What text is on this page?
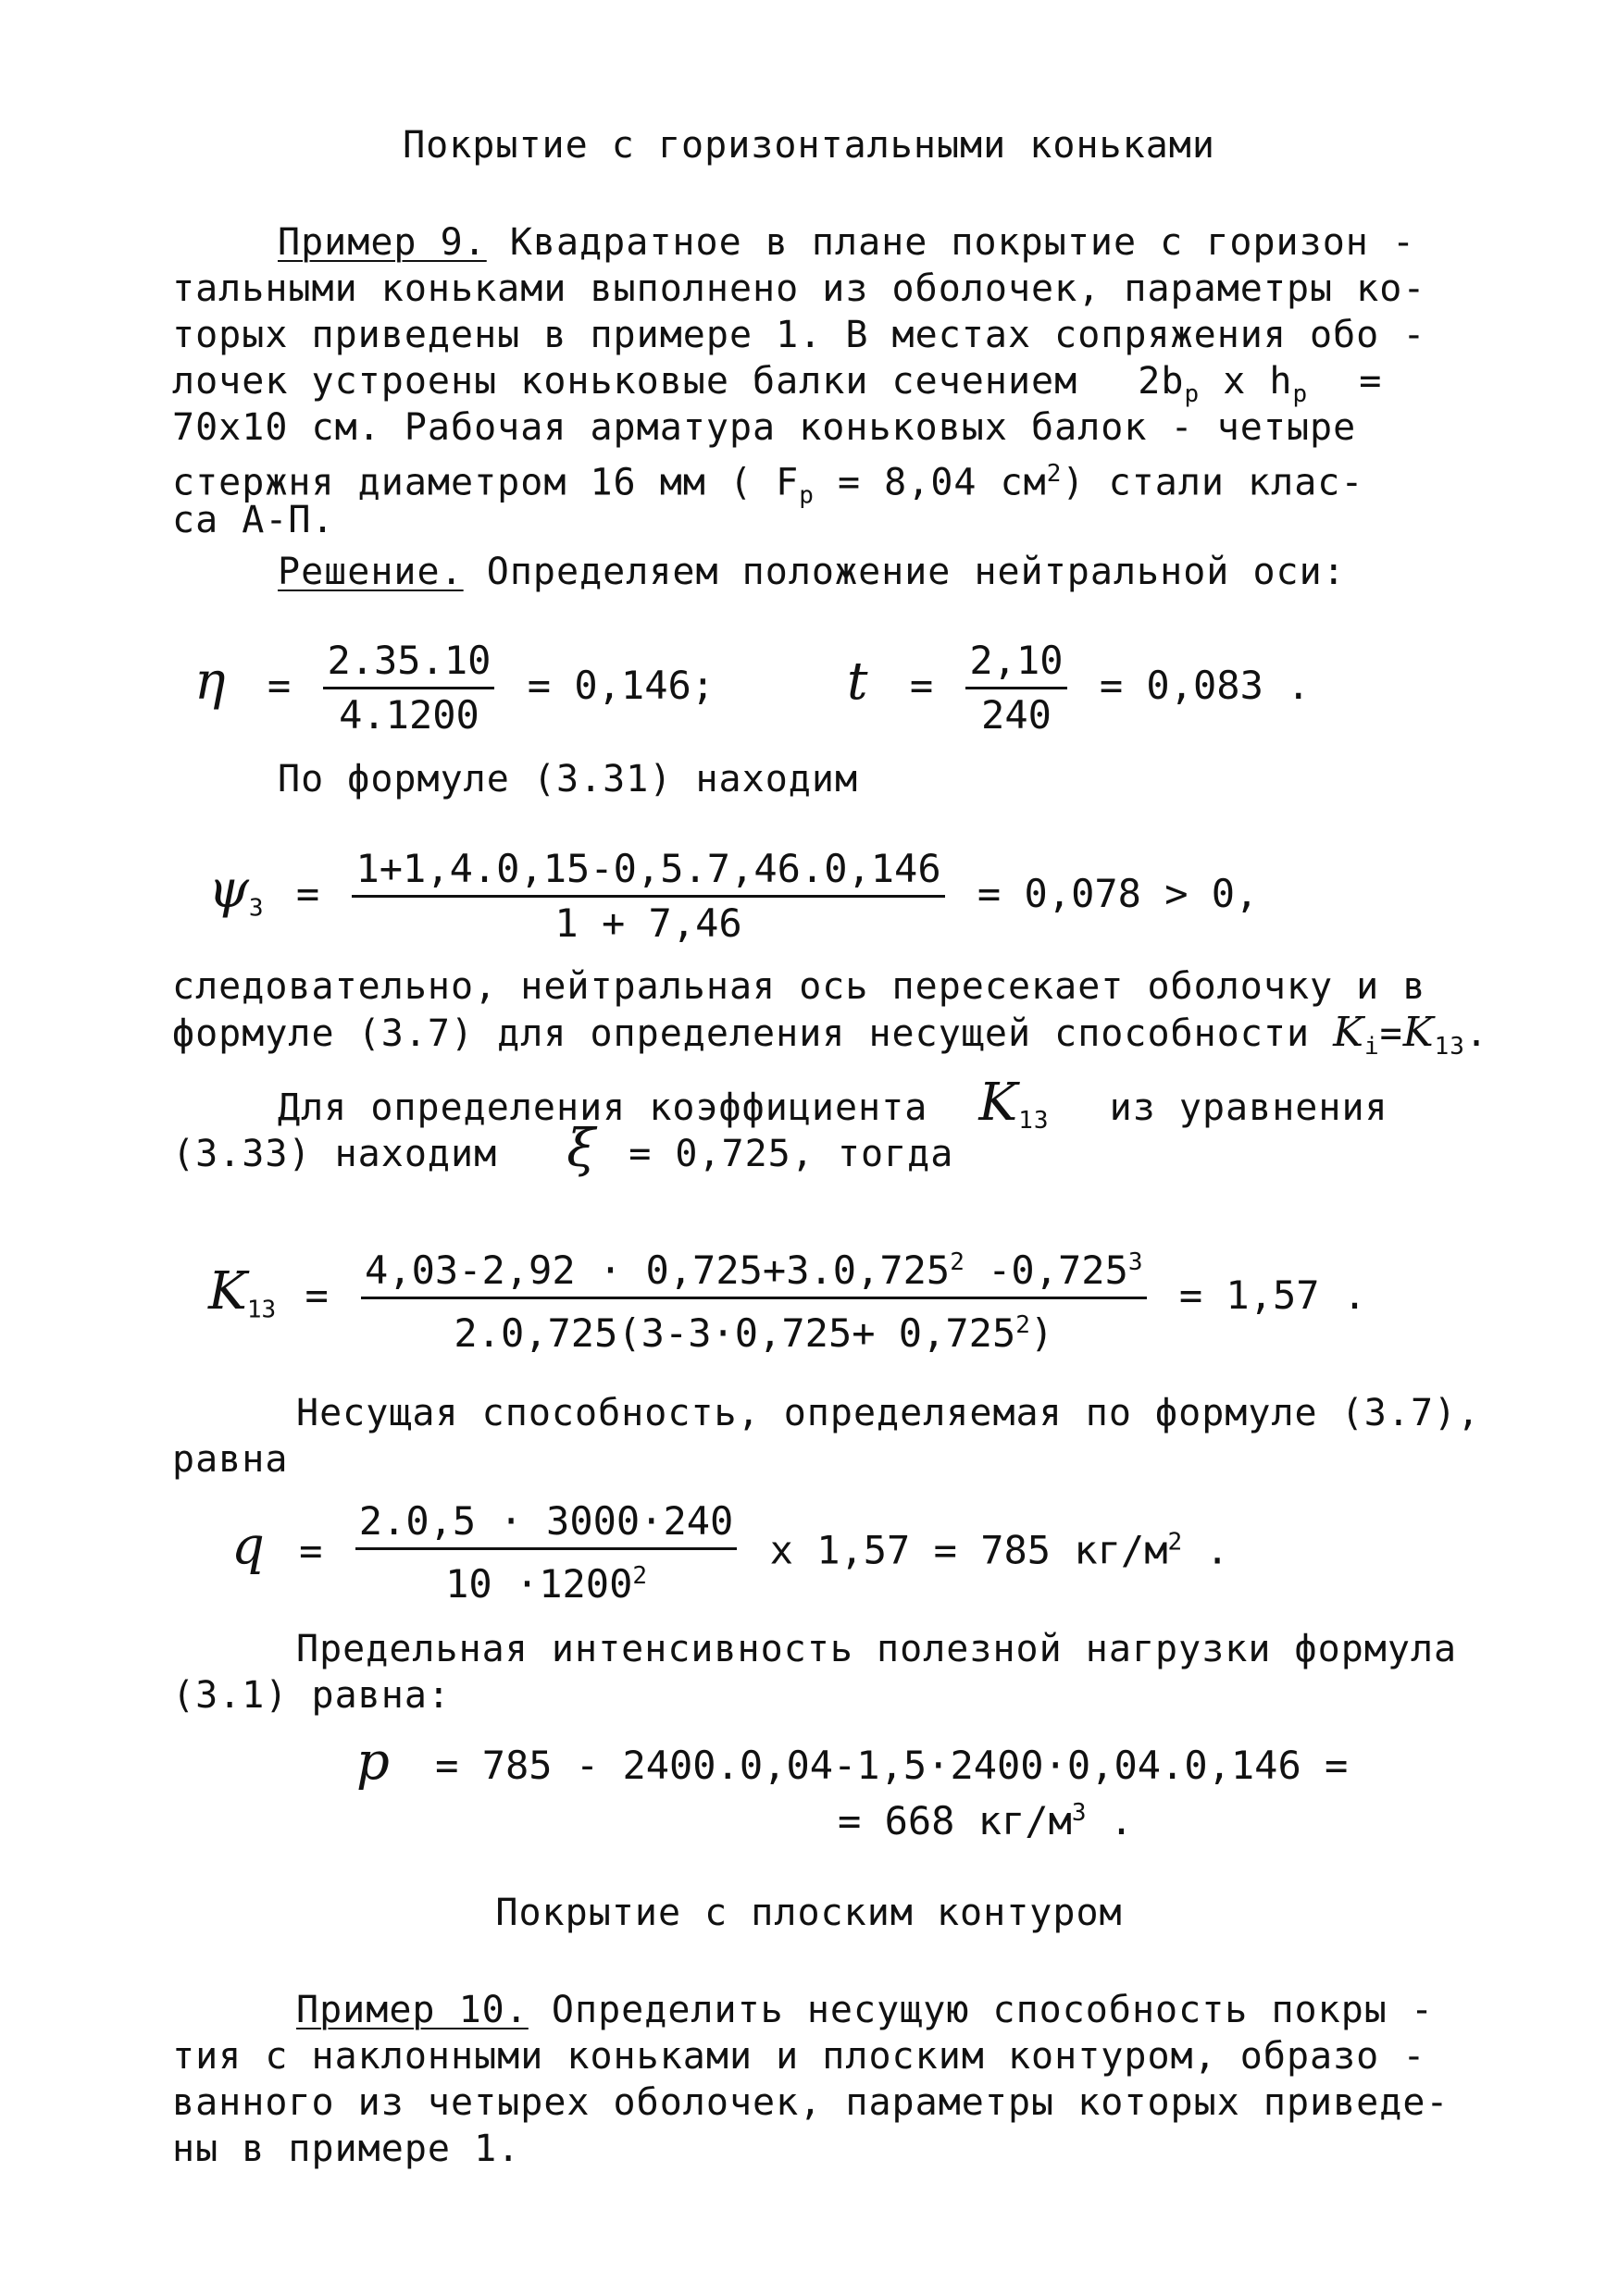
Покрытие с горизонтальными коньками
Пример 9. Квадратное в плане покрытие с горизон -
тальными коньками выполнено из оболочек, параметры ко-
торых приведены в примере 1. В местах сопряжения обо -
лочек устроены коньковые балки сечением $2b_p$ x $h_p$ =
70x10 см. Рабочая арматура коньковых балок - четыре
стержня диаметром 16 мм ( $F_p = 8,04$ $см^2$) стали клас-
са А-П.
Решение. Определяем положение нейтральной оси:
$\eta = \frac{2.35.10}{4.1200} = 0,146$;	$t = \frac{2,10}{240} = 0,083$ .
По формуле (3.31) находим
$\psi_3 = \frac{1+1,4.0,15-0,5.7,46.0,146}{1 + 7,46} = 0,078 > 0$,
следовательно, нейтральная ось пересекает оболочку и в
формуле (3.7) для определения несущей способности $K_i=K_{13}$.
Для определения коэффициента $K_{13}$ из уравнения
(3.33) находим ξ = 0,725, тогда
$K_{13} = \frac{4,03-2,92 \cdot 0,725+3.0,725^2 -0,725^3}{2.0,725(3-3\cdot 0,725+ 0,725^2)} = 1,57$ .
Несущая способность, определяемая по формуле (3.7),
равна
$q = \frac{2.0,5 \cdot 3000\cdot 240}{10 \cdot 1200^2}$ x 1,57 = 785 $кг/м^2$ .
Предельная интенсивность полезной нагрузки формула
(3.1) равна:
p = 785 - 2400.0,04-1,5·2400·0,04.0,146 =
= 668 $кг/м^3$ .
Покрытие с плоским контуром
Пример 10. Определить несущую способность покры -
тия с наклонными коньками и плоским контуром, образо -
ванного из четырех оболочек, параметры которых приведе-
ны в примере 1.
